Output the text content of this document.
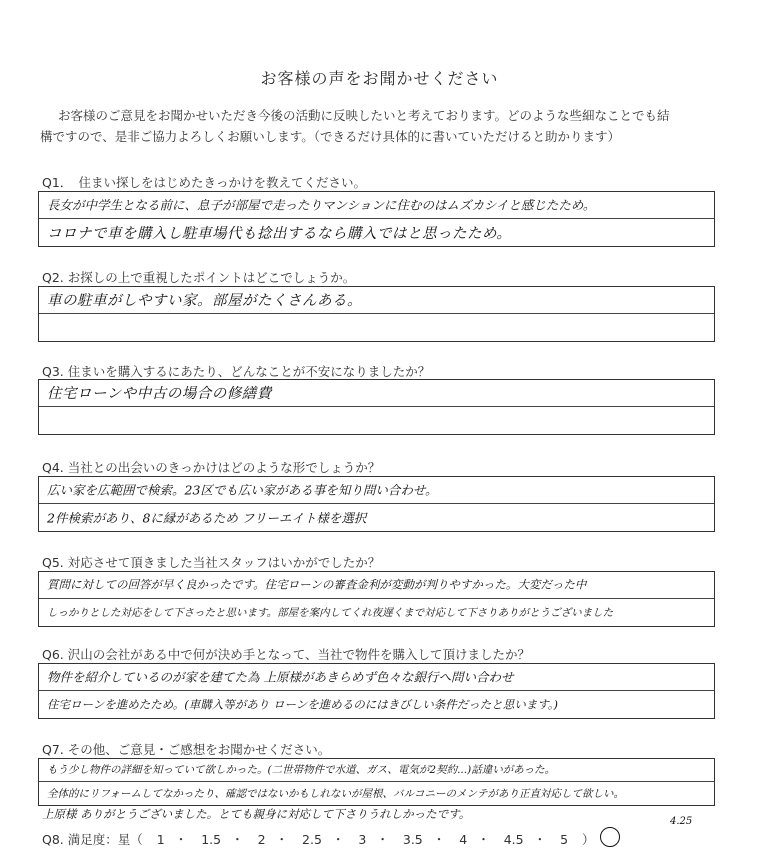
お客様の声をお聞かせください
お客様のご意見をお聞かせいただき今後の活動に反映したいと考えております。どのような些細なことでも結
構ですので、是非ご協力よろしくお願いします。（できるだけ具体的に書いていただけると助かります）
Q1．　住まい探しをはじめたきっかけを教えてください。
長女が中学生となる前に、息子が部屋で走ったりマンションに住むのはムズカシイと感じたため。
コロナで車を購入し駐車場代も捻出するなら購入ではと思ったため。
Q2. お探しの上で重視したポイントはどこでしょうか。
車の駐車がしやすい家。部屋がたくさんある。
Q3. 住まいを購入するにあたり、どんなことが不安になりましたか？
住宅ローンや中古の場合の修繕費
Q4. 当社との出会いのきっかけはどのような形でしょうか？
広い家を広範囲で検索。23区でも広い家がある事を知り問い合わせ。
2件検索があり、8に縁があるため フリーエイト様を選択
Q5. 対応させて頂きました当社スタッフはいかがでしたか？
質問に対しての回答が早く良かったです。住宅ローンの審査金利が変動が判りやすかった。大変だった中
しっかりとした対応をして下さったと思います。部屋を案内してくれ夜遅くまで対応して下さりありがとうございました
Q6. 沢山の会社がある中で何が決め手となって、当社で物件を購入して頂けましたか？
物件を紹介しているのが家を建てた為 上原様があきらめず色々な銀行へ問い合わせ
住宅ローンを進めたため。(車購入等があり ローンを進めるのにはきびしい条件だったと思います。)
Q7. その他、ご意見・ご感想をお聞かせください。
もう少し物件の詳細を知っていて欲しかった。(二世帯物件で水道、ガス、電気が2契約...)話違いがあった。
全体的にリフォームしてなかったり、確認ではないかもしれないが屋根、バルコニーのメンテがあり正直対応して欲しい。
上原様 ありがとうございました。とても親身に対応して下さりうれしかったです。
Q8. 満足度：星（ 1 ・ 1.5 ・ 2 ・ 2.5 ・ 3 ・ 3.5 ・ 4 ・ 4.5 ・ 5 ）
4.25
